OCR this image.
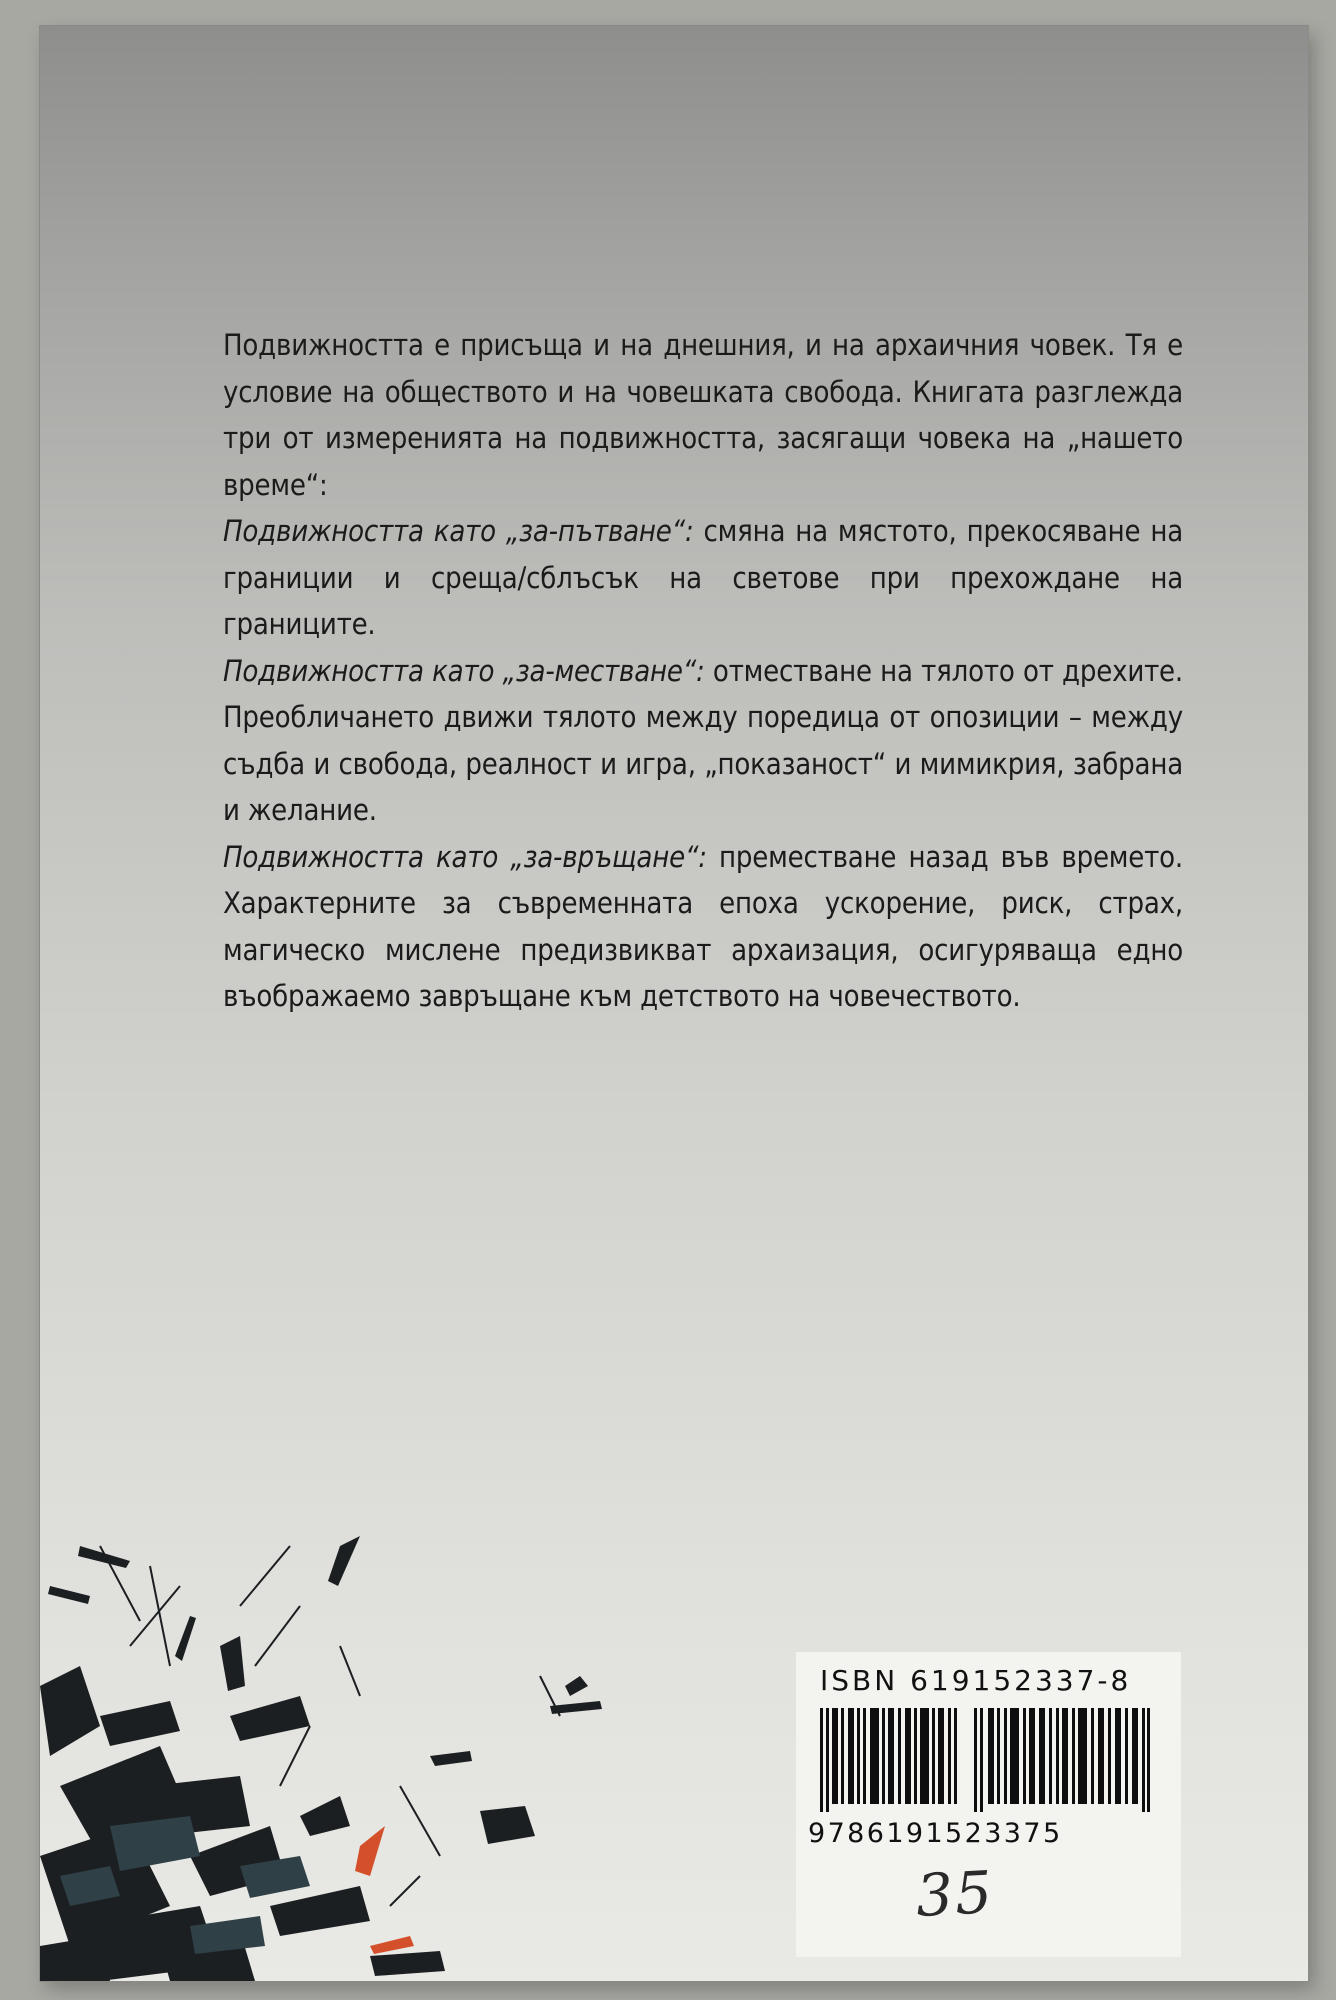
Подвижността е присъща и на днешния, и на архаичния човек. Тя е условие на обществото и на човешката свобода. Книгата разглежда три от измеренията на подвижността, засягащи човека на „нашето време“:

Подвижността като „за-пътване“: смяна на мястото, прекосяване на границии и среща/сблъсък на светове при прехождане на границите.

Подвижността като „за-местване“: отместване на тялото от дрехите. Преобличането движи тялото между поредица от опозиции – между съдба и свобода, реалност и игра, „показаност“ и мимикрия, забрана и желание.

Подвижността като „за-връщане“: преместване назад във времето. Характерните за съвременната епоха ускорение, риск, страх, магическо мислене предизвикват архаизация, осигуряваща едно въображаемо завръщане към детството на човечеството.

ISBN 619152337-8
9786191523375
35
